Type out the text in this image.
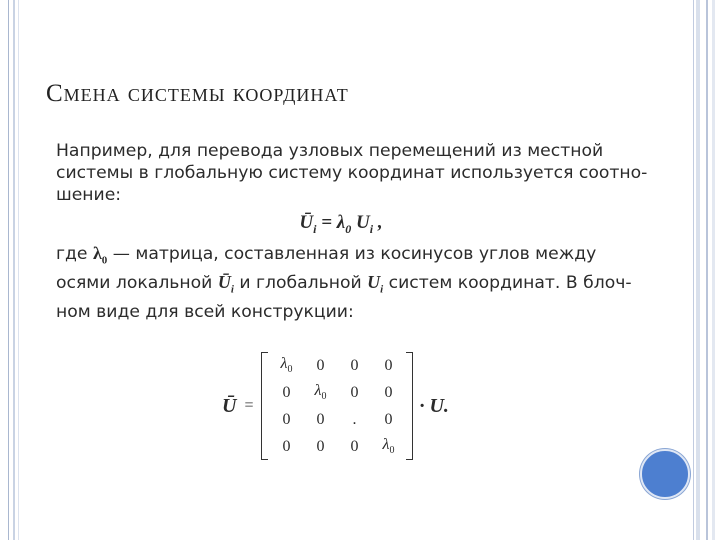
Смена системы координат
Например, для перевода узловых перемещений из местной
системы в глобальную систему координат используется соотно-
шение:
$Ū_i = \lambda_0$ $U_i$ ,
где $\lambda_0$ — матрица, составленная из косинусов углов между
осями локальной $Ū_i$ и глобальной $U_i$ систем координат. В блоч-
ном виде для всей конструкции:
Ū =
$\lambda_0$	0	0	0
0	$\lambda_0$	0	0
0	0	.	0
0	0	0	$\lambda_0$
· U.
